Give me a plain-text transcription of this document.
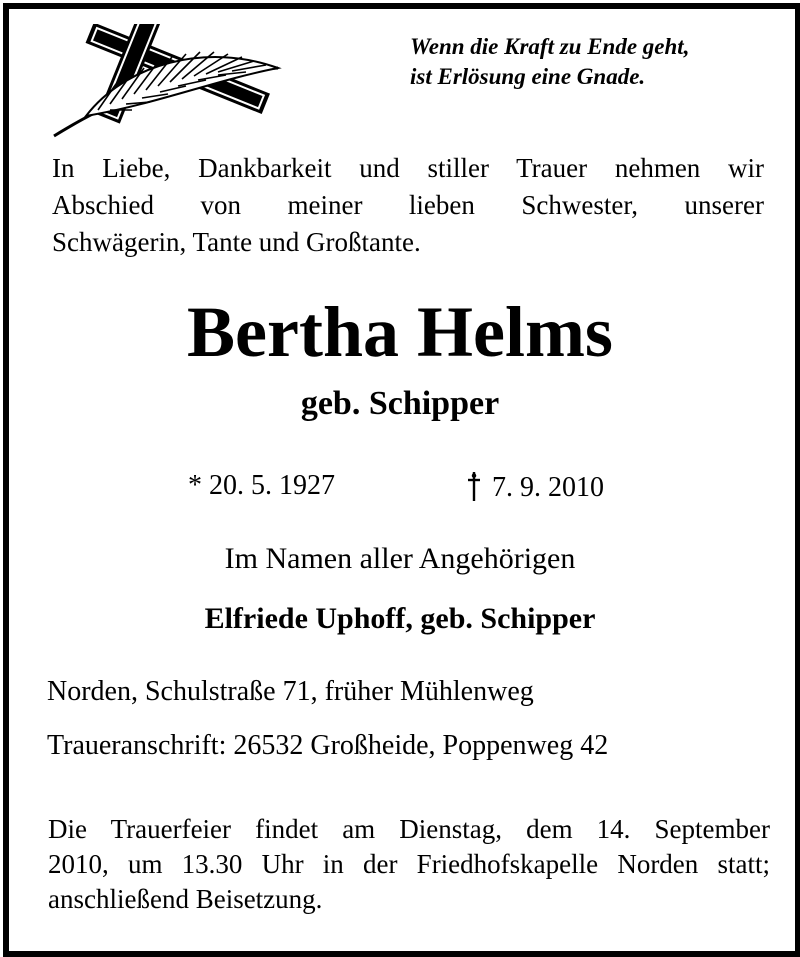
Wenn die Kraft zu Ende geht,
ist Erlösung eine Gnade.
In Liebe, Dankbarkeit und stiller Trauer nehmen wir
Abschied von meiner lieben Schwester, unserer
Schwägerin, Tante und Großtante.
Bertha Helms
geb. Schipper
* 20. 5. 1927	7. 9. 2010
Im Namen aller Angehörigen
Elfriede Uphoff, geb. Schipper
Norden, Schulstraße 71, früher Mühlenweg
Traueranschrift: 26532 Großheide, Poppenweg 42
Die Trauerfeier findet am Dienstag, dem 14. September
2010, um 13.30 Uhr in der Friedhofskapelle Norden statt;
anschließend Beisetzung.
